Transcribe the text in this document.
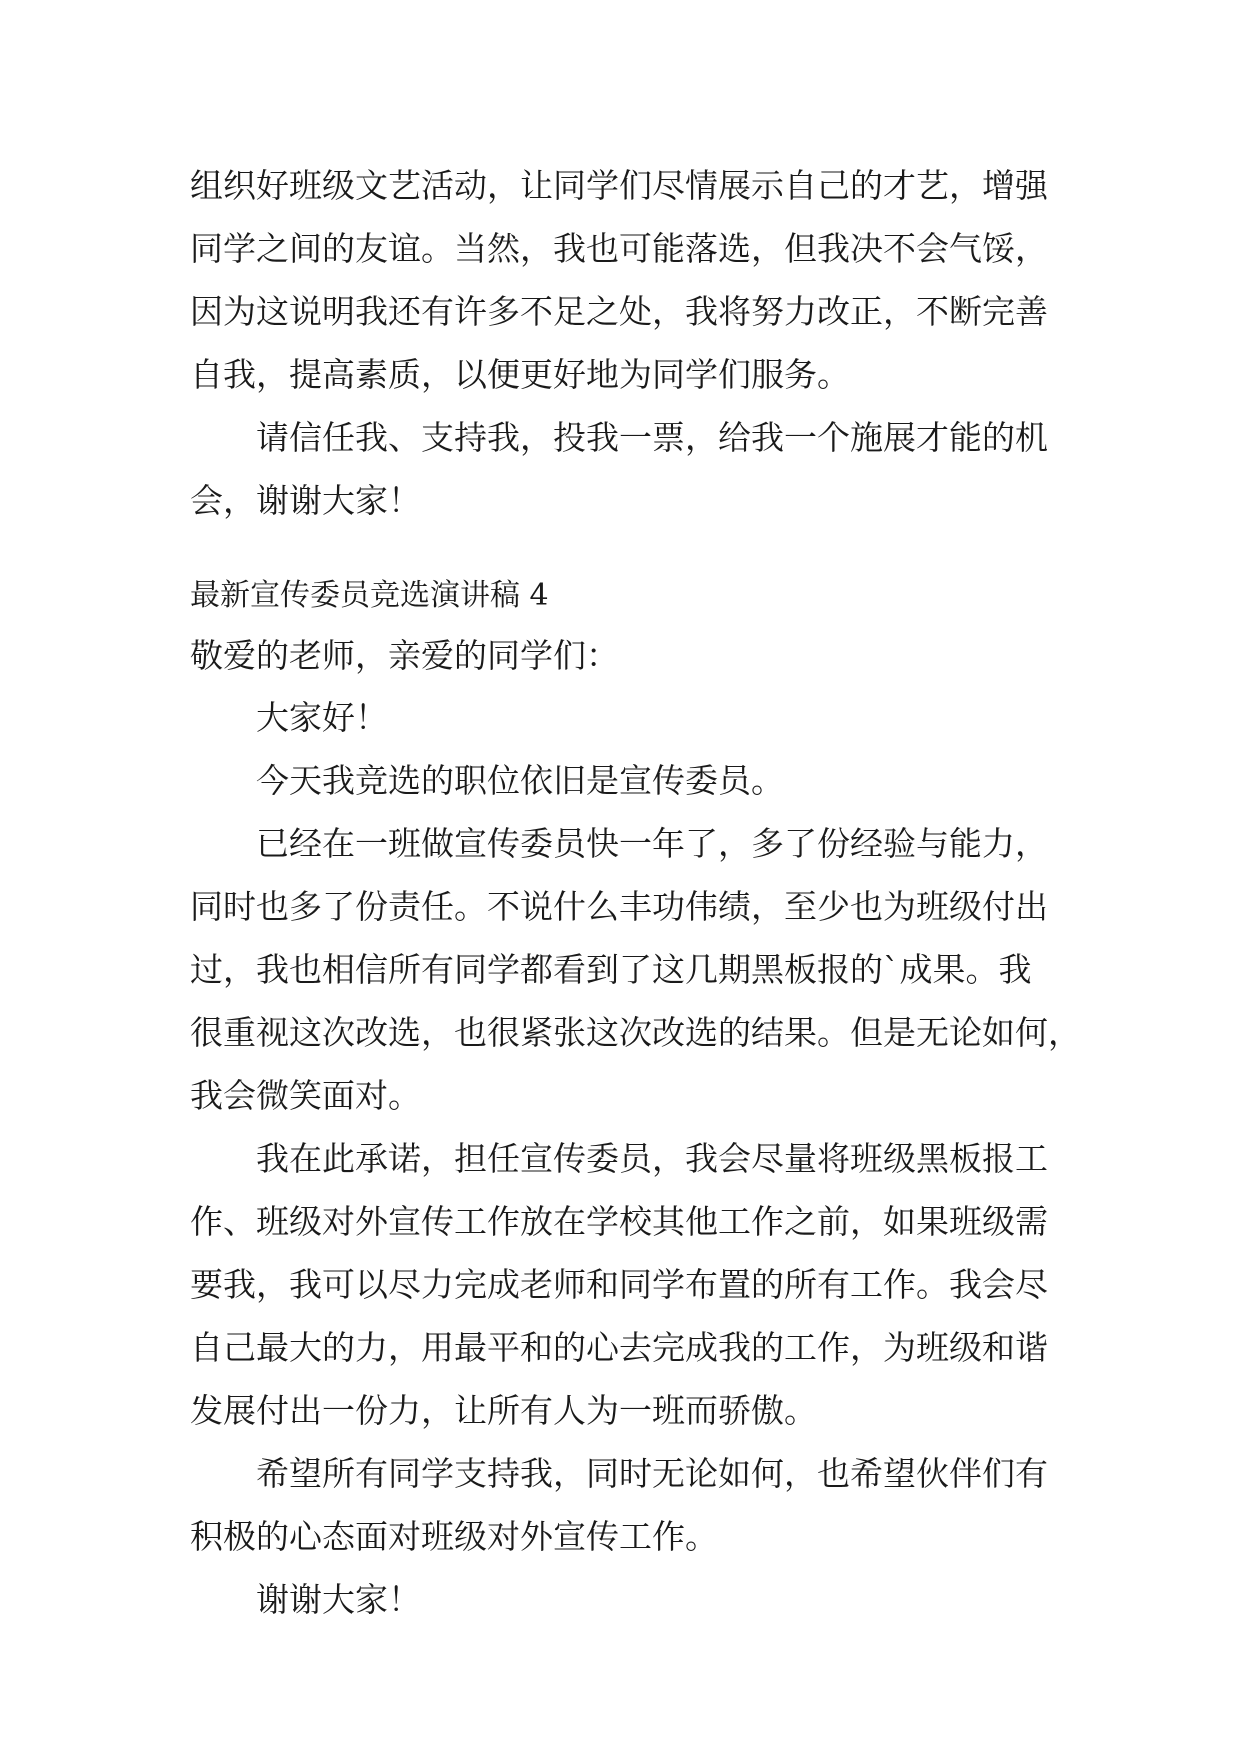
组织好班级文艺活动，让同学们尽情展示自己的才艺，增强
同学之间的友谊。当然，我也可能落选，但我决不会气馁，
因为这说明我还有许多不足之处，我将努力改正，不断完善
自我，提高素质，以便更好地为同学们服务。
请信任我、支持我，投我一票，给我一个施展才能的机
会，谢谢大家！
最新宣传委员竞选演讲稿 4
敬爱的老师，亲爱的同学们：
大家好！
今天我竞选的职位依旧是宣传委员。
已经在一班做宣传委员快一年了，多了份经验与能力，
同时也多了份责任。不说什么丰功伟绩，至少也为班级付出
过，我也相信所有同学都看到了这几期黑板报的`成果。我
很重视这次改选，也很紧张这次改选的结果。但是无论如何，
我会微笑面对。
我在此承诺，担任宣传委员，我会尽量将班级黑板报工
作、班级对外宣传工作放在学校其他工作之前，如果班级需
要我，我可以尽力完成老师和同学布置的所有工作。我会尽
自己最大的力，用最平和的心去完成我的工作，为班级和谐
发展付出一份力，让所有人为一班而骄傲。
希望所有同学支持我，同时无论如何，也希望伙伴们有
积极的心态面对班级对外宣传工作。
谢谢大家！
